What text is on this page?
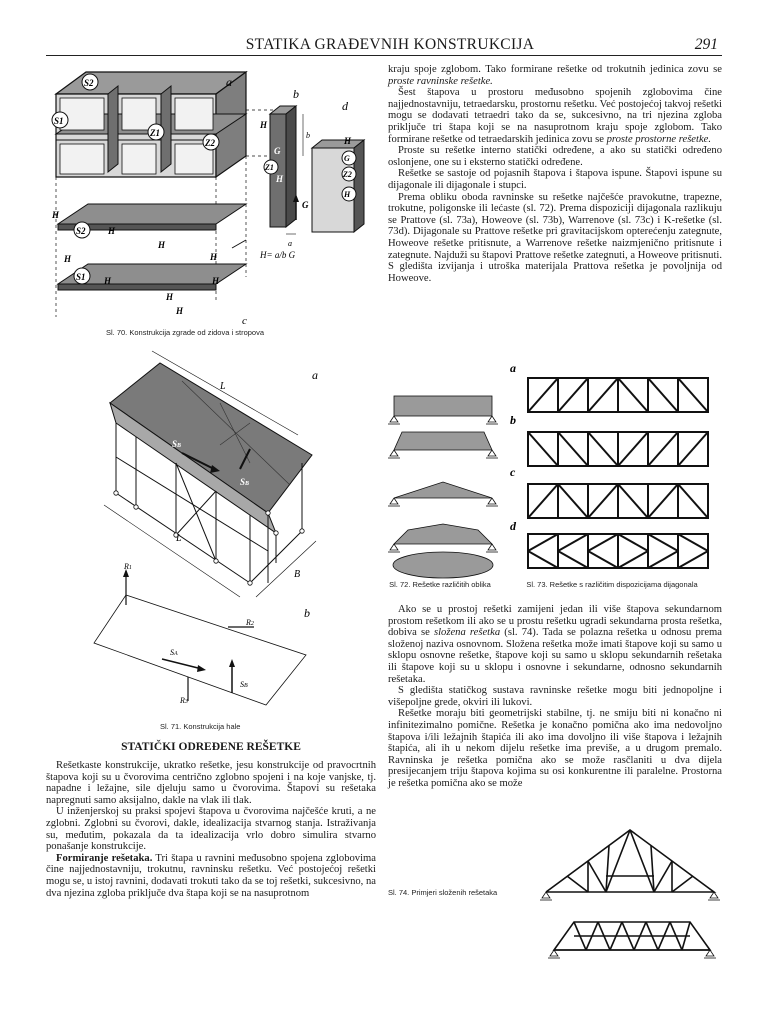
STATIKA GRAĐEVNIH KONSTRUKCIJA	291
S2
S1
Z1
Z2
a
b
H
G
Z1
H
G
b
a
d
H
G
Z2
H
S2
H
H
H
H
S1
H
H
H
H
H
c
H= a/b G
Sl. 70. Konstrukcija zgrade od zidova i stropova
SB
SB
L
L
B
a
R1
R2
R3
SA
SB
b
Sl. 71. Konstrukcija hale
STATIČKI ODREĐENE REŠETKE

Rešetkaste konstrukcije, ukratko rešetke, jesu konstrukcije od pravocrtnih štapova koji su u čvorovima centrično zglobno spojeni i na koje vanjske, tj. napadne i ležajne, sile djeluju samo u čvorovima. Štapovi su rešetaka napregnuti samo aksijalno, dakle na vlak ili tlak.

U inženjerskoj su praksi spojevi štapova u čvorovima najčešće kruti, a ne zglobni. Zglobni su čvorovi, dakle, idealizacija stvarnog stanja. Istraživanja su, međutim, pokazala da ta idealizacija vrlo dobro simulira stvarno ponašanje konstrukcije.

Formiranje rešetaka. Tri štapa u ravnini međusobno spojena zglobovima čine najjednostavniju, trokutnu, ravninsku rešetku. Već postojećoj rešetki mogu se, u istoj ravnini, dodavati trokuti tako da se toj rešetki, sukcesivno, na dva njezina zgloba priključe dva štapa koji se na nasuprotnom

kraju spoje zglobom. Tako formirane rešetke od trokutnih jedinica zovu se proste ravninske rešetke.

Šest štapova u prostoru međusobno spojenih zglobovima čine najjednostavniju, tetraedarsku, prostornu rešetku. Već postojećoj takvoj rešetki mogu se dodavati tetraedri tako da se, sukcesivno, na tri njezina zgloba priključe tri štapa koji se na nasuprotnom kraju spoje zglobom. Tako formirane rešetke od tetraedarskih jedinica zovu se proste prostorne rešetke.

Proste su rešetke interno statički određene, a ako su statički određeno oslonjene, one su i eksterno statički određene.

Rešetke se sastoje od pojasnih štapova i štapova ispune. Štapovi ispune su dijagonale ili dijagonale i stupci.

Prema obliku oboda ravninske su rešetke najčešće pravokutne, trapezne, trokutne, poligonske ili lećaste (sl. 72). Prema dispoziciji dijagonala razlikuju se Prattove (sl. 73a), Howeove (sl. 73b), Warrenove (sl. 73c) i K-rešetke (sl. 73d). Dijagonale su Prattove rešetke pri gravitacijskom opterećenju zategnute, Howeove rešetke pritisnute, a Warrenove rešetke naizmjenično pritisnute i zategnute. Najduži su štapovi Prattove rešetke zategnuti, a Howeove pritisnuti. S gledišta izvijanja i utroška materijala Prattova rešetka je povoljnija od Howeove.

a
b
c
d
Sl. 72. Rešetke različitih oblika	Sl. 73. Rešetke s različitim dispozicijama dijagonala

Ako se u prostoj rešetki zamijeni jedan ili više štapova sekundarnom prostom rešetkom ili ako se u prostu rešetku ugradi sekundarna prosta rešetka, dobiva se složena rešetka (sl. 74). Tada se polazna rešetka u odnosu prema složenoj naziva osnovnom. Složena rešetka može imati štapove koji su samo u sklopu osnovne rešetke, štapove koji su samo u sklopu sekundarnih rešetaka ili štapove koji su u sklopu i osnovne i sekundarne, odnosno sekundarnih rešetaka.

S gledišta statičkog sustava ravninske rešetke mogu biti jednopoljne i višepoljne grede, okviri ili lukovi.

Rešetke moraju biti geometrijski stabilne, tj. ne smiju biti ni konačno ni infinitezimalno pomične. Rešetka je konačno pomična ako ima nedovoljno štapova i/ili ležajnih štapića ili ako ima dovoljno ili više štapova i ležajnih štapića, ali ih u nekom dijelu rešetke ima previše, a u drugom premalo. Ravninska je rešetka pomična ako se može rasčlaniti u dva dijela presijecanjem triju štapova kojima su osi konkurentne ili paralelne. Prostorna je rešetka pomična ako se može

Sl. 74. Primjeri složenih rešetaka
